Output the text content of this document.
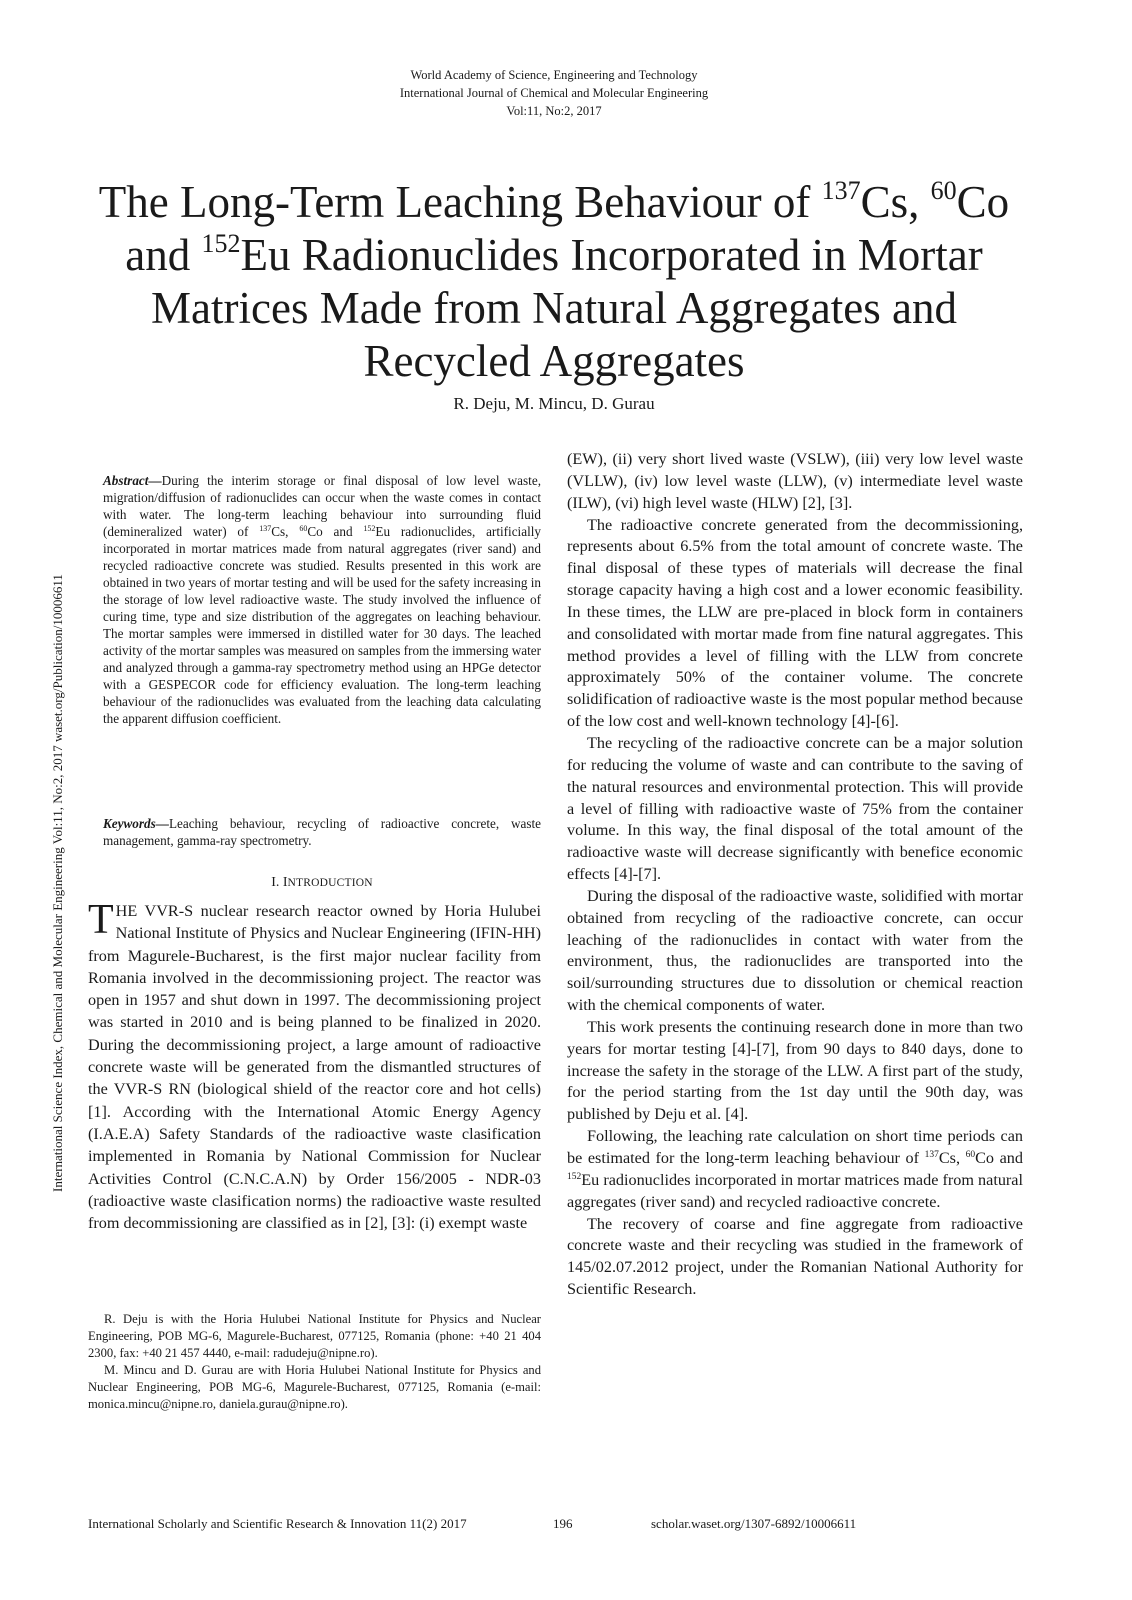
World Academy of Science, Engineering and Technology
International Journal of Chemical and Molecular Engineering
Vol:11, No:2, 2017
The Long-Term Leaching Behaviour of $^{137}$Cs, $^{60}$Co and $^{152}$Eu Radionuclides Incorporated in Mortar Matrices Made from Natural Aggregates and Recycled Aggregates
R. Deju, M. Mincu, D. Gurau
International Science Index, Chemical and Molecular Engineering Vol:11, No:2, 2017 waset.org/Publication/10006611
Abstract—During the interim storage or final disposal of low level waste, migration/diffusion of radionuclides can occur when the waste comes in contact with water. The long-term leaching behaviour into surrounding fluid (demineralized water) of $^{137}$Cs, $^{60}$Co and $^{152}$Eu radionuclides, artificially incorporated in mortar matrices made from natural aggregates (river sand) and recycled radioactive concrete was studied. Results presented in this work are obtained in two years of mortar testing and will be used for the safety increasing in the storage of low level radioactive waste. The study involved the influence of curing time, type and size distribution of the aggregates on leaching behaviour. The mortar samples were immersed in distilled water for 30 days. The leached activity of the mortar samples was measured on samples from the immersing water and analyzed through a gamma-ray spectrometry method using an HPGe detector with a GESPECOR code for efficiency evaluation. The long-term leaching behaviour of the radionuclides was evaluated from the leaching data calculating the apparent diffusion coefficient.
Keywords—Leaching behaviour, recycling of radioactive concrete, waste management, gamma-ray spectrometry.
I. INTRODUCTION
THE VVR-S nuclear research reactor owned by Horia Hulubei National Institute of Physics and Nuclear Engineering (IFIN-HH) from Magurele-Bucharest, is the first major nuclear facility from Romania involved in the decommissioning project. The reactor was open in 1957 and shut down in 1997. The decommissioning project was started in 2010 and is being planned to be finalized in 2020. During the decommissioning project, a large amount of radioactive concrete waste will be generated from the dismantled structures of the VVR-S RN (biological shield of the reactor core and hot cells) [1]. According with the International Atomic Energy Agency (I.A.E.A) Safety Standards of the radioactive waste clasification implemented in Romania by National Commission for Nuclear Activities Control (C.N.C.A.N) by Order 156/2005 - NDR-03 (radioactive waste clasification norms) the radioactive waste resulted from decommissioning are classified as in [2], [3]: (i) exempt waste

R. Deju is with the Horia Hulubei National Institute for Physics and Nuclear Engineering, POB MG-6, Magurele-Bucharest, 077125, Romania (phone: +40 21 404 2300, fax: +40 21 457 4440, e-mail: radudeju@nipne.ro).

M. Mincu and D. Gurau are with Horia Hulubei National Institute for Physics and Nuclear Engineering, POB MG-6, Magurele-Bucharest, 077125, Romania (e-mail: monica.mincu@nipne.ro, daniela.gurau@nipne.ro).

(EW), (ii) very short lived waste (VSLW), (iii) very low level waste (VLLW), (iv) low level waste (LLW), (v) intermediate level waste (ILW), (vi) high level waste (HLW) [2], [3].

The radioactive concrete generated from the decommissioning, represents about 6.5% from the total amount of concrete waste. The final disposal of these types of materials will decrease the final storage capacity having a high cost and a lower economic feasibility. In these times, the LLW are pre-placed in block form in containers and consolidated with mortar made from fine natural aggregates. This method provides a level of filling with the LLW from concrete approximately 50% of the container volume. The concrete solidification of radioactive waste is the most popular method because of the low cost and well-known technology [4]-[6].

The recycling of the radioactive concrete can be a major solution for reducing the volume of waste and can contribute to the saving of the natural resources and environmental protection. This will provide a level of filling with radioactive waste of 75% from the container volume. In this way, the final disposal of the total amount of the radioactive waste will decrease significantly with benefice economic effects [4]-[7].

During the disposal of the radioactive waste, solidified with mortar obtained from recycling of the radioactive concrete, can occur leaching of the radionuclides in contact with water from the environment, thus, the radionuclides are transported into the soil/surrounding structures due to dissolution or chemical reaction with the chemical components of water.

This work presents the continuing research done in more than two years for mortar testing [4]-[7], from 90 days to 840 days, done to increase the safety in the storage of the LLW. A first part of the study, for the period starting from the 1st day until the 90th day, was published by Deju et al. [4].

Following, the leaching rate calculation on short time periods can be estimated for the long-term leaching behaviour of $^{137}$Cs, $^{60}$Co and $^{152}$Eu radionuclides incorporated in mortar matrices made from natural aggregates (river sand) and recycled radioactive concrete.

The recovery of coarse and fine aggregate from radioactive concrete waste and their recycling was studied in the framework of 145/02.07.2012 project, under the Romanian National Authority for Scientific Research.

International Scholarly and Scientific Research & Innovation 11(2) 2017	196	scholar.waset.org/1307-6892/10006611
